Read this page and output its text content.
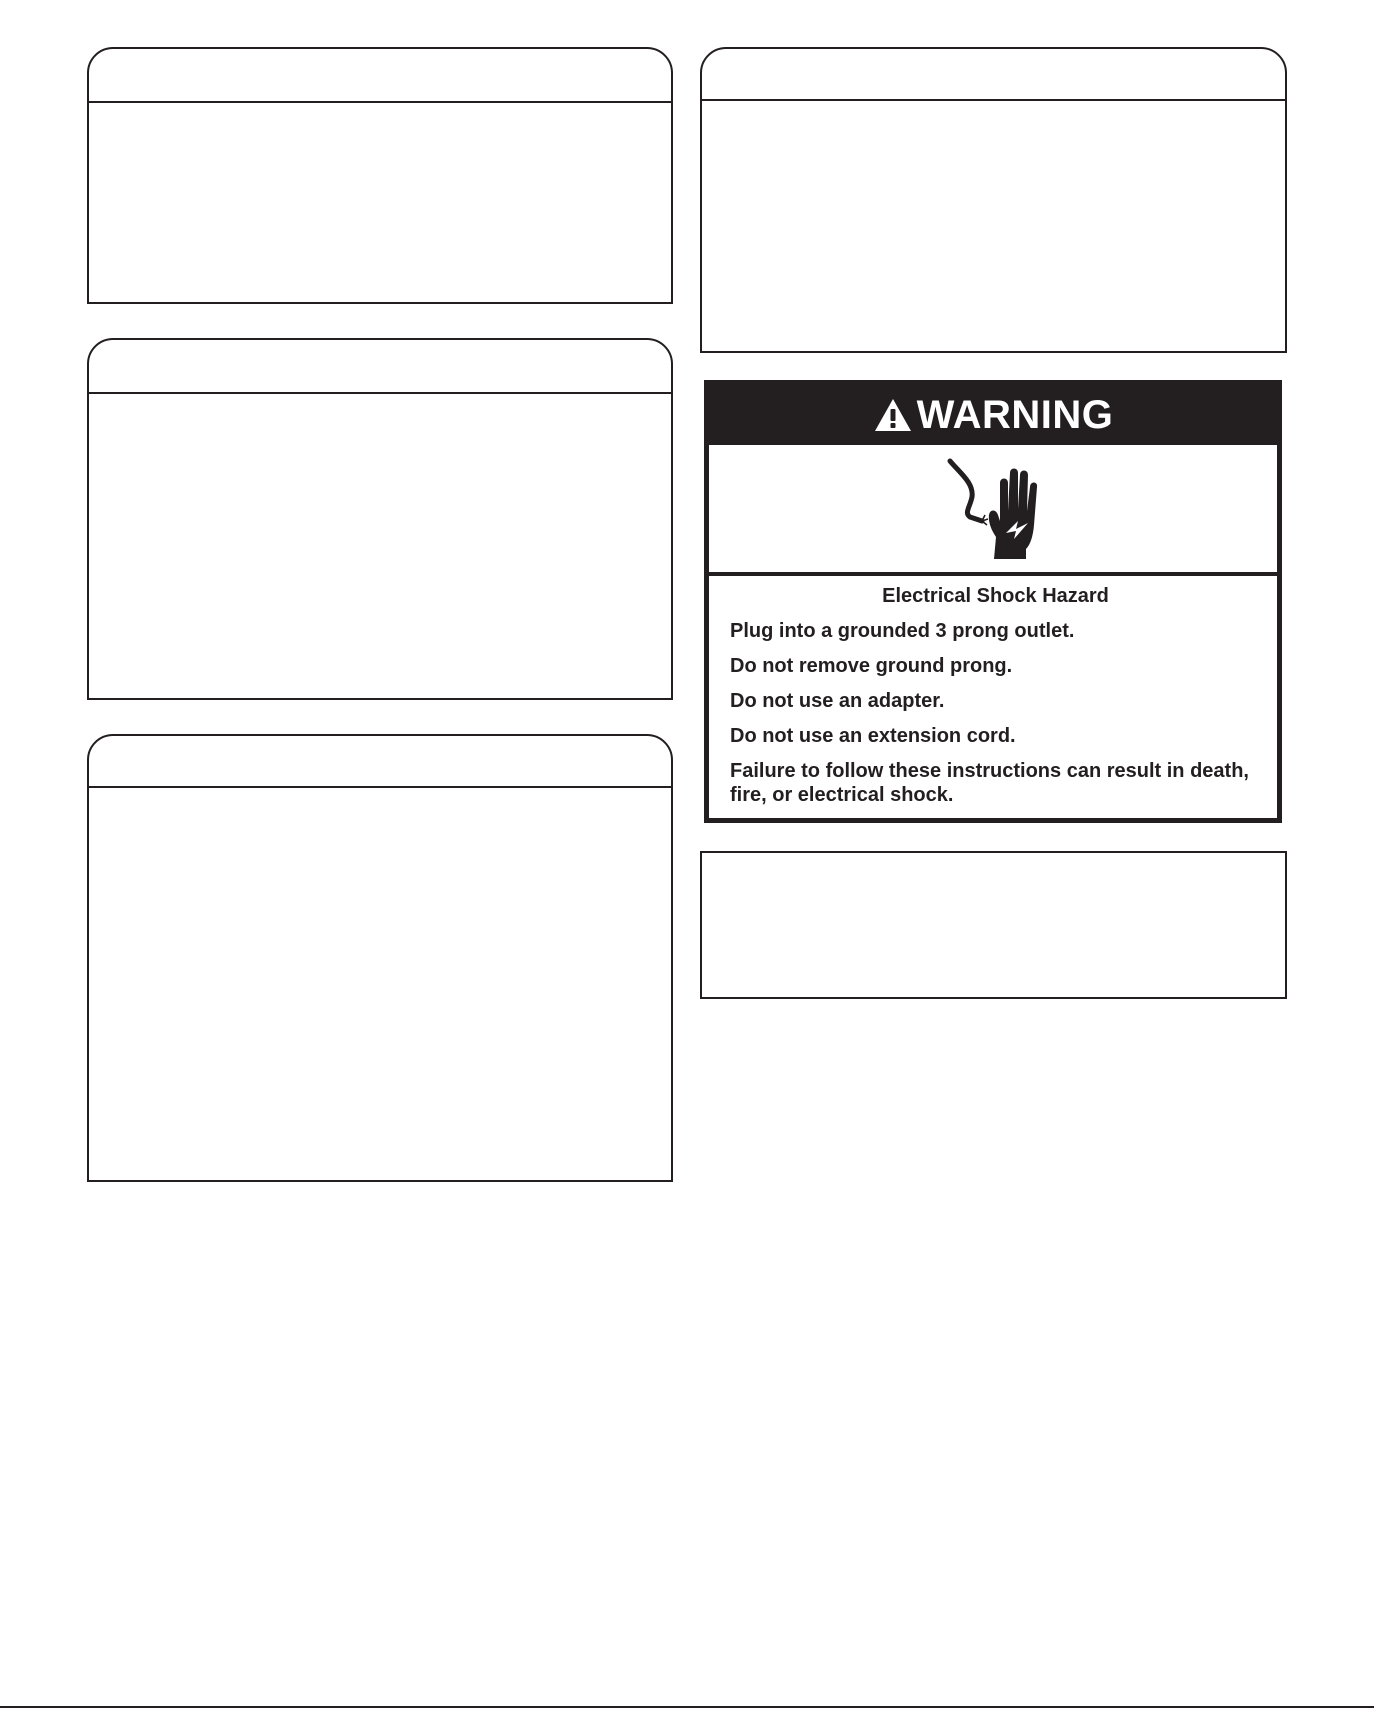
WARNING

Electrical Shock Hazard

Plug into a grounded 3 prong outlet.

Do not remove ground prong.

Do not use an adapter.

Do not use an extension cord.

Failure to follow these instructions can result in death, fire, or electrical shock.
